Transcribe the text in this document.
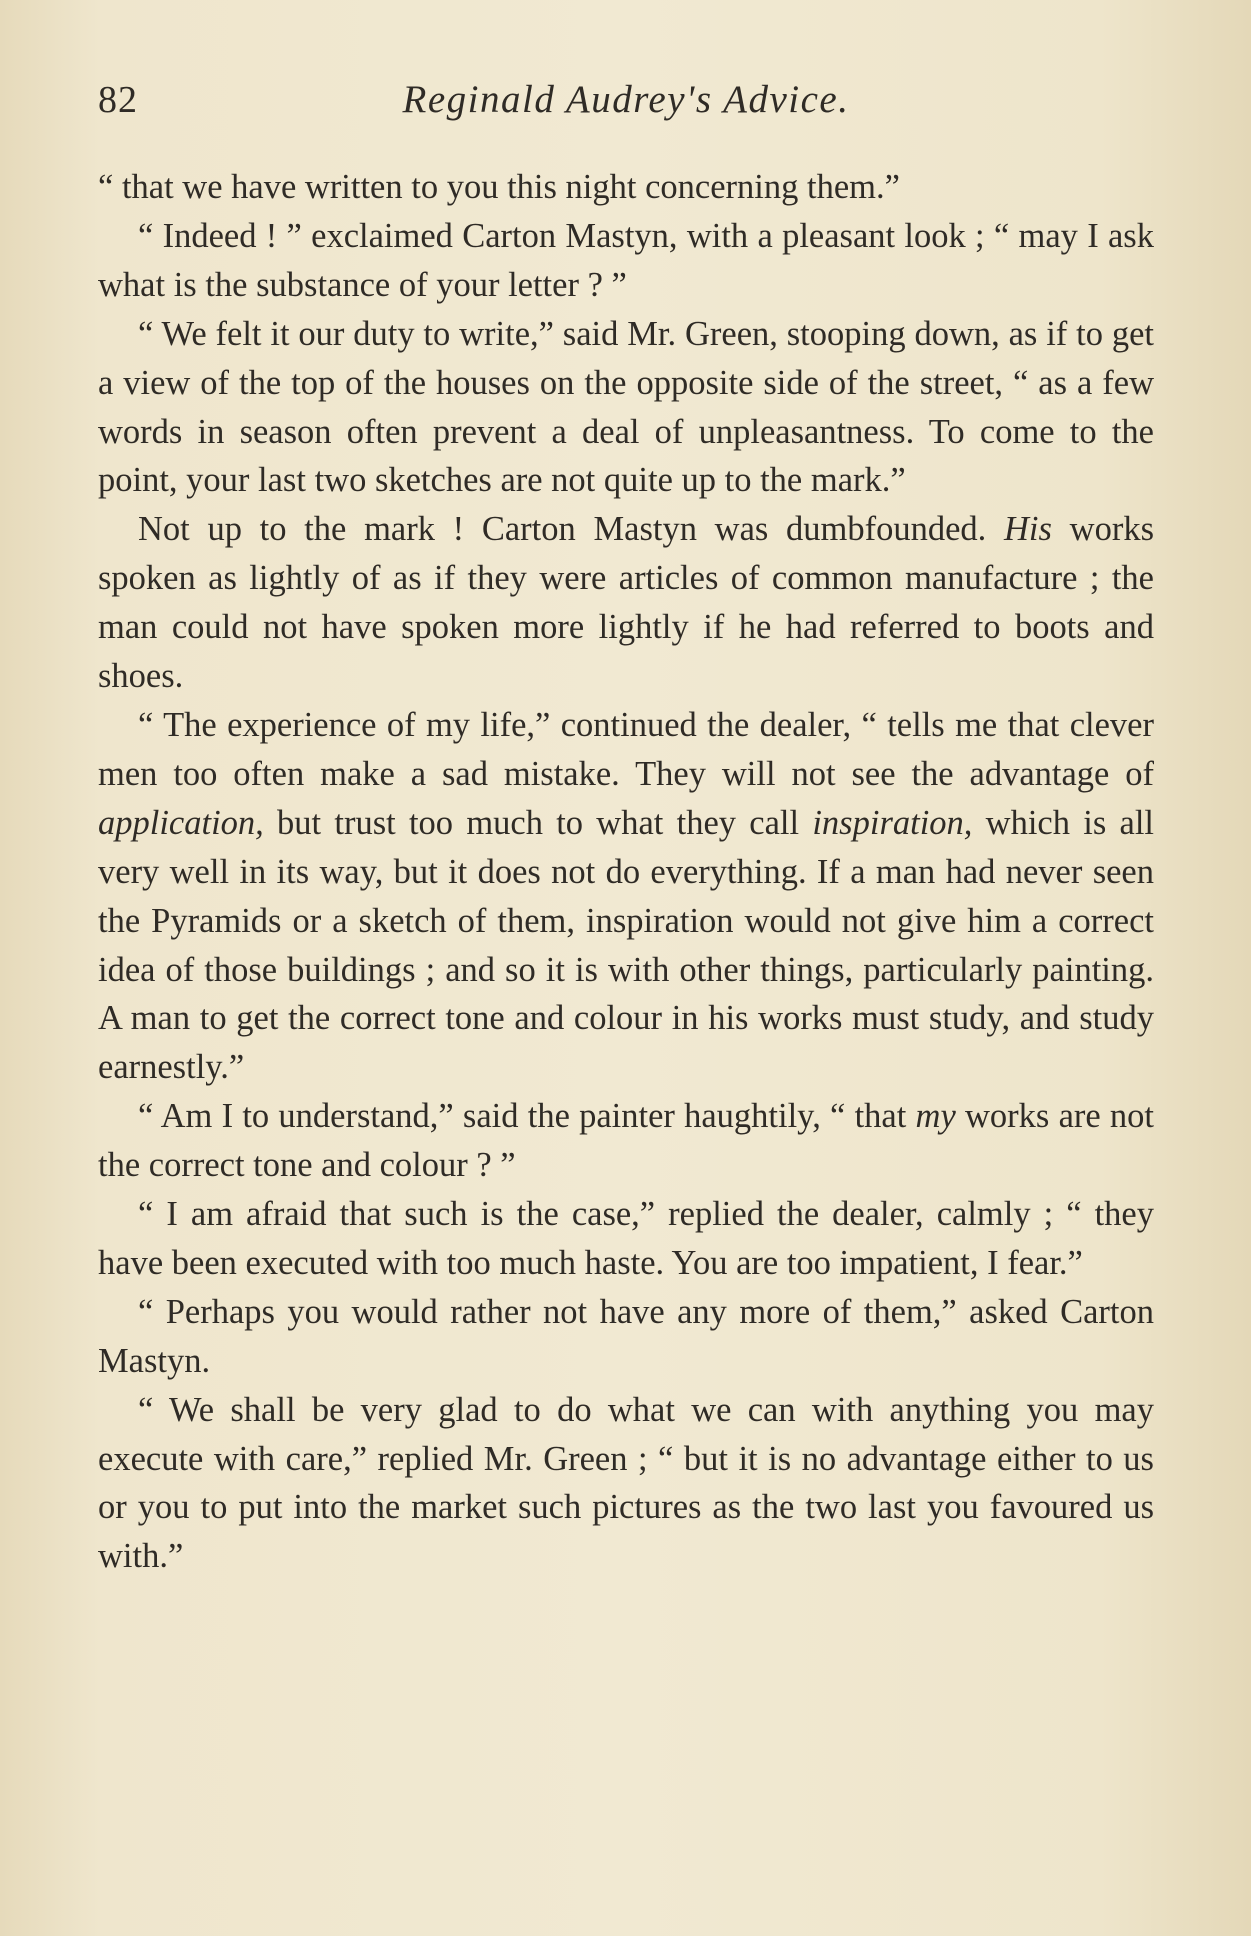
82	Reginald Audrey's Advice.

“ that we have written to you this night concerning them.”

“ Indeed ! ” exclaimed Carton Mastyn, with a pleasant look ; “ may I ask what is the substance of your letter ? ”

“ We felt it our duty to write,” said Mr. Green, stooping down, as if to get a view of the top of the houses on the opposite side of the street, “ as a few words in season often prevent a deal of unpleasantness. To come to the point, your last two sketches are not quite up to the mark.”

Not up to the mark ! Carton Mastyn was dumbfounded. His works spoken as lightly of as if they were articles of common manufacture ; the man could not have spoken more lightly if he had referred to boots and shoes.

“ The experience of my life,” continued the dealer, “ tells me that clever men too often make a sad mistake. They will not see the advantage of application, but trust too much to what they call inspiration, which is all very well in its way, but it does not do everything. If a man had never seen the Pyramids or a sketch of them, inspiration would not give him a correct idea of those buildings ; and so it is with other things, particularly painting. A man to get the correct tone and colour in his works must study, and study earnestly.”

“ Am I to understand,” said the painter haughtily, “ that my works are not the correct tone and colour ? ”

“ I am afraid that such is the case,” replied the dealer, calmly ; “ they have been executed with too much haste. You are too impatient, I fear.”

“ Perhaps you would rather not have any more of them,” asked Carton Mastyn.

“ We shall be very glad to do what we can with anything you may execute with care,” replied Mr. Green ; “ but it is no advantage either to us or you to put into the market such pictures as the two last you favoured us with.”
